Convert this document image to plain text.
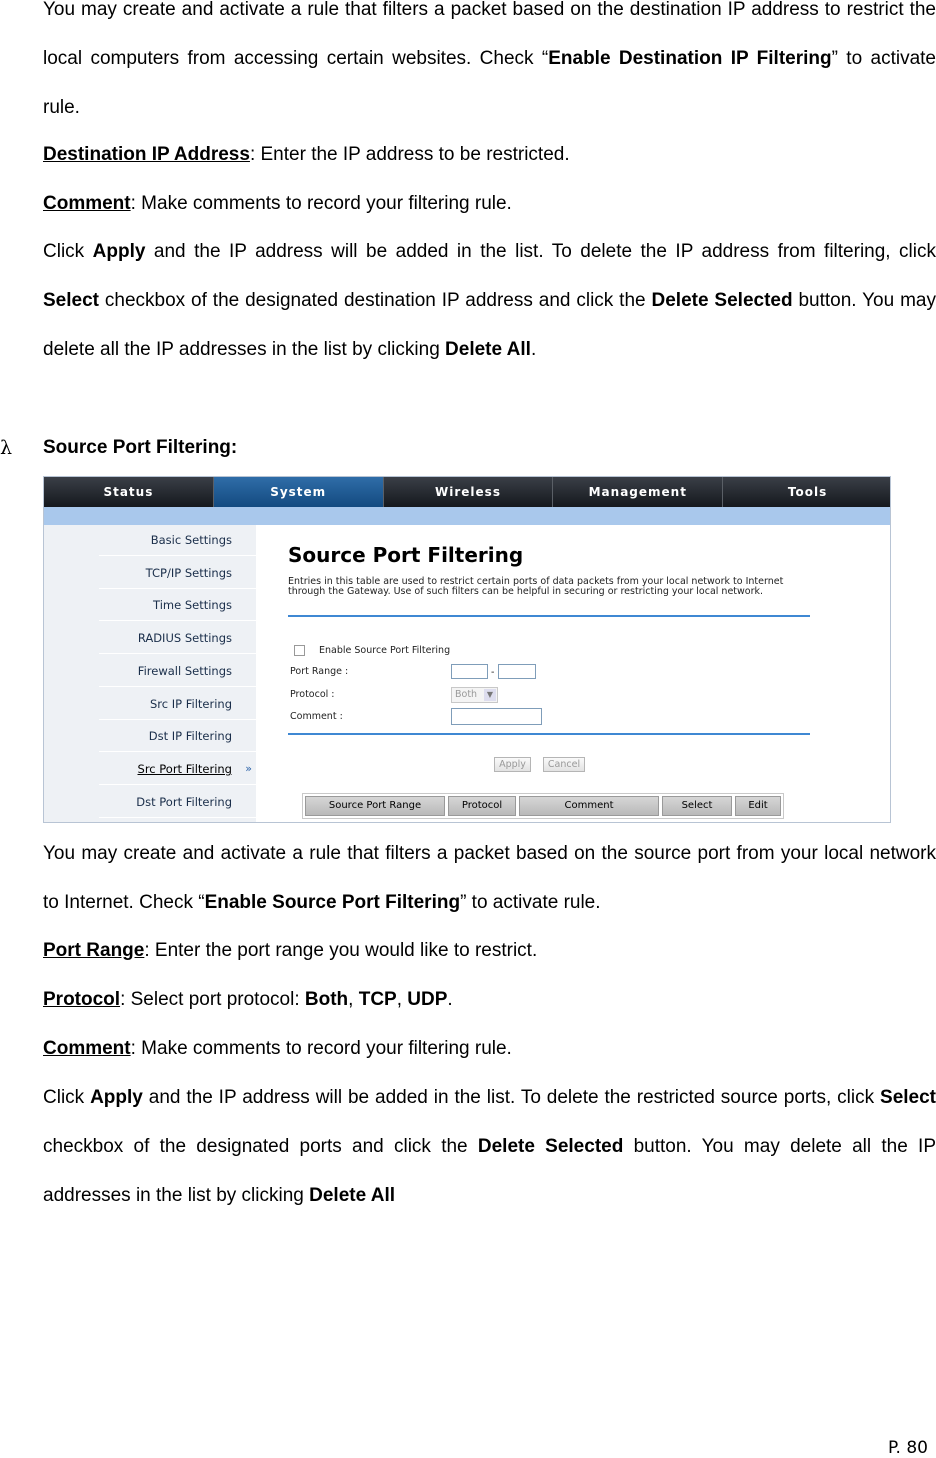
You may create and activate a rule that filters a packet based on the destination IP address to restrict the local computers from accessing certain websites. Check “Enable Destination IP Filtering” to activate rule.

Destination IP Address: Enter the IP address to be restricted.

Comment: Make comments to record your filtering rule.

Click Apply and the IP address will be added in the list. To delete the IP address from filtering, click Select checkbox of the designated destination IP address and click the Delete Selected button. You may delete all the IP addresses in the list by clicking Delete All.

λ Source Port Filtering:
Status	System	Wireless	Management	Tools
Basic Settings
TCP/IP Settings
Time Settings
RADIUS Settings
Firewall Settings
Src IP Filtering
Dst IP Filtering
Src Port Filtering »
Dst Port Filtering
Source Port Filtering
Entries in this table are used to restrict certain ports of data packets from your local network to Internet through the Gateway. Use of such filters can be helpful in securing or restricting your local network.
Enable Source Port Filtering
Port Range :	-
Protocol :	Both	▼
Comment :
Apply	Cancel
Source Port Range	Protocol	Comment	Select	Edit

You may create and activate a rule that filters a packet based on the source port from your local network to Internet. Check “Enable Source Port Filtering” to activate rule.

Port Range: Enter the port range you would like to restrict.

Protocol: Select port protocol: Both, TCP, UDP.

Comment: Make comments to record your filtering rule.

Click Apply and the IP address will be added in the list. To delete the restricted source ports, click Select checkbox of the designated ports and click the Delete Selected button. You may delete all the IP addresses in the list by clicking Delete All

P. 80
